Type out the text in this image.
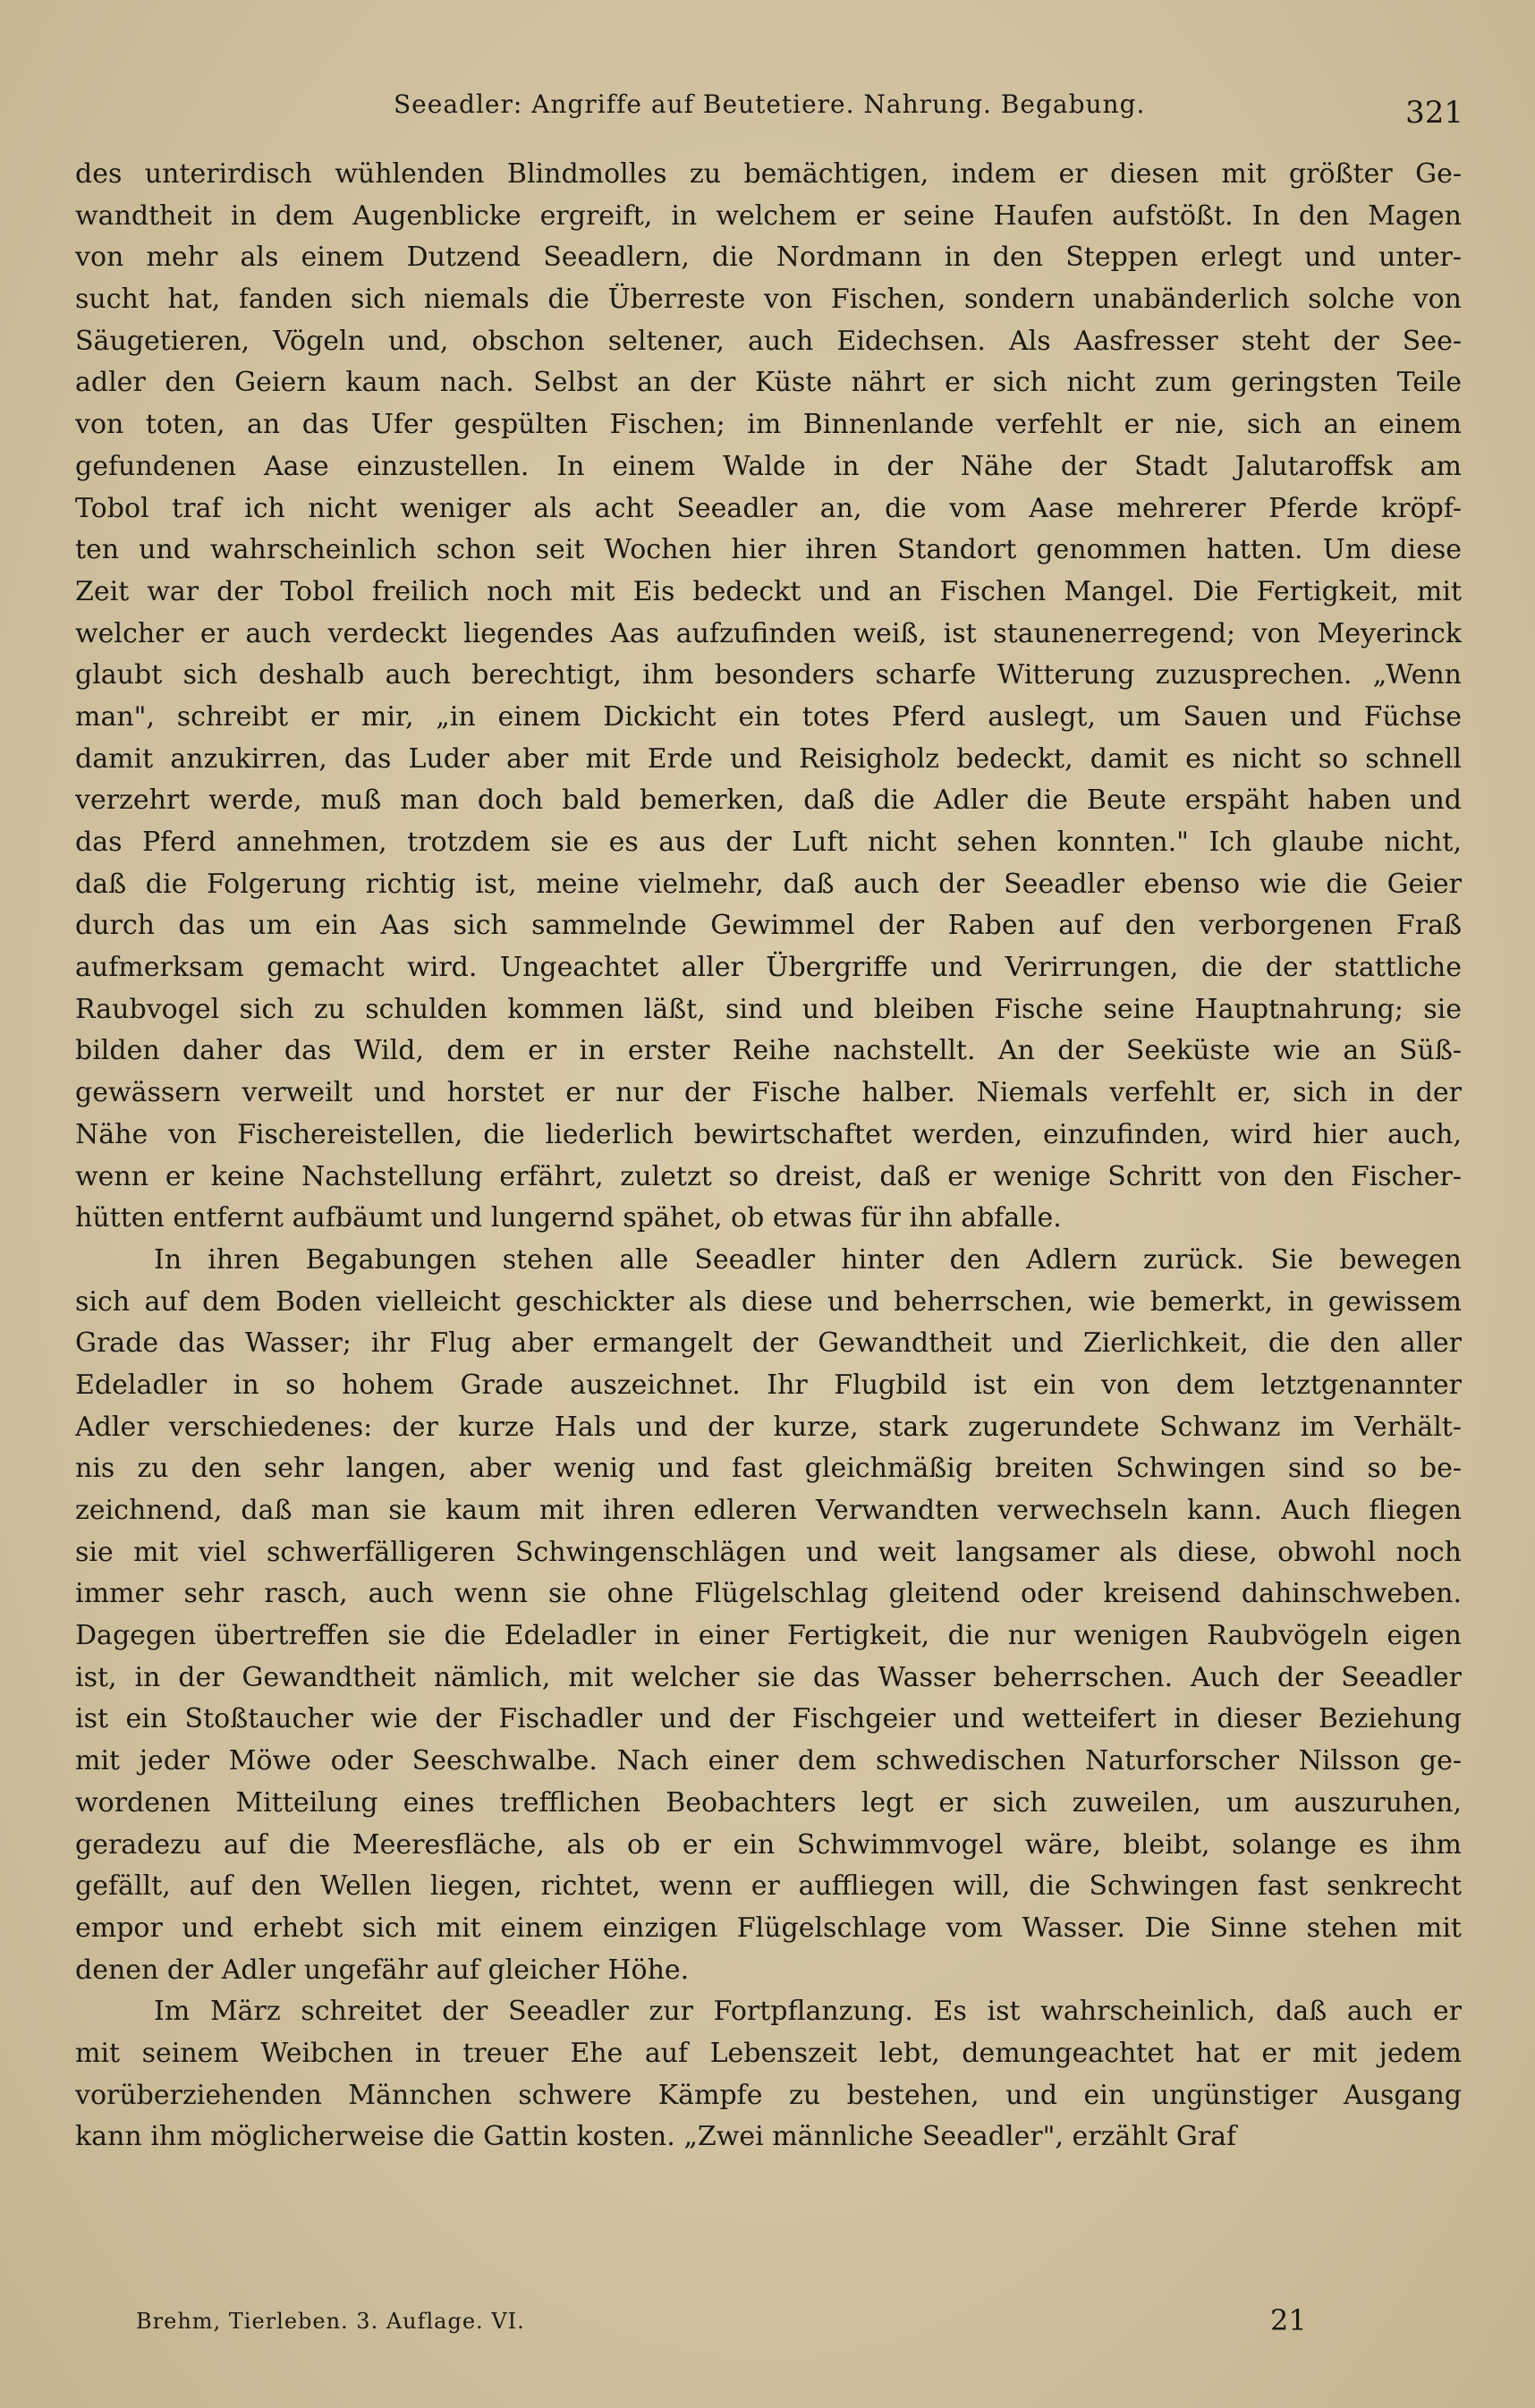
Seeadler: Angriffe auf Beutetiere. Nahrung. Begabung.	321
des unterirdisch wühlenden Blindmolles zu bemächtigen, indem er diesen mit größter Ge-
wandtheit in dem Augenblicke ergreift, in welchem er seine Haufen aufstößt. In den Magen
von mehr als einem Dutzend Seeadlern, die Nordmann in den Steppen erlegt und unter-
sucht hat, fanden sich niemals die Überreste von Fischen, sondern unabänderlich solche von
Säugetieren, Vögeln und, obschon seltener, auch Eidechsen. Als Aasfresser steht der See-
adler den Geiern kaum nach. Selbst an der Küste nährt er sich nicht zum geringsten Teile
von toten, an das Ufer gespülten Fischen; im Binnenlande verfehlt er nie, sich an einem
gefundenen Aase einzustellen. In einem Walde in der Nähe der Stadt Jalutaroffsk am
Tobol traf ich nicht weniger als acht Seeadler an, die vom Aase mehrerer Pferde kröpf-
ten und wahrscheinlich schon seit Wochen hier ihren Standort genommen hatten. Um diese
Zeit war der Tobol freilich noch mit Eis bedeckt und an Fischen Mangel. Die Fertigkeit, mit
welcher er auch verdeckt liegendes Aas aufzufinden weiß, ist staunenerregend; von Meyerinck
glaubt sich deshalb auch berechtigt, ihm besonders scharfe Witterung zuzusprechen. „Wenn
man", schreibt er mir, „in einem Dickicht ein totes Pferd auslegt, um Sauen und Füchse
damit anzukirren, das Luder aber mit Erde und Reisigholz bedeckt, damit es nicht so schnell
verzehrt werde, muß man doch bald bemerken, daß die Adler die Beute erspäht haben und
das Pferd annehmen, trotzdem sie es aus der Luft nicht sehen konnten." Ich glaube nicht,
daß die Folgerung richtig ist, meine vielmehr, daß auch der Seeadler ebenso wie die Geier
durch das um ein Aas sich sammelnde Gewimmel der Raben auf den verborgenen Fraß
aufmerksam gemacht wird. Ungeachtet aller Übergriffe und Verirrungen, die der stattliche
Raubvogel sich zu schulden kommen läßt, sind und bleiben Fische seine Hauptnahrung; sie
bilden daher das Wild, dem er in erster Reihe nachstellt. An der Seeküste wie an Süß-
gewässern verweilt und horstet er nur der Fische halber. Niemals verfehlt er, sich in der
Nähe von Fischereistellen, die liederlich bewirtschaftet werden, einzufinden, wird hier auch,
wenn er keine Nachstellung erfährt, zuletzt so dreist, daß er wenige Schritt von den Fischer-
hütten entfernt aufbäumt und lungernd spähet, ob etwas für ihn abfalle.
In ihren Begabungen stehen alle Seeadler hinter den Adlern zurück. Sie bewegen
sich auf dem Boden vielleicht geschickter als diese und beherrschen, wie bemerkt, in gewissem
Grade das Wasser; ihr Flug aber ermangelt der Gewandtheit und Zierlichkeit, die den aller
Edeladler in so hohem Grade auszeichnet. Ihr Flugbild ist ein von dem letztgenannter
Adler verschiedenes: der kurze Hals und der kurze, stark zugerundete Schwanz im Verhält-
nis zu den sehr langen, aber wenig und fast gleichmäßig breiten Schwingen sind so be-
zeichnend, daß man sie kaum mit ihren edleren Verwandten verwechseln kann. Auch fliegen
sie mit viel schwerfälligeren Schwingenschlägen und weit langsamer als diese, obwohl noch
immer sehr rasch, auch wenn sie ohne Flügelschlag gleitend oder kreisend dahinschweben.
Dagegen übertreffen sie die Edeladler in einer Fertigkeit, die nur wenigen Raubvögeln eigen
ist, in der Gewandtheit nämlich, mit welcher sie das Wasser beherrschen. Auch der Seeadler
ist ein Stoßtaucher wie der Fischadler und der Fischgeier und wetteifert in dieser Beziehung
mit jeder Möwe oder Seeschwalbe. Nach einer dem schwedischen Naturforscher Nilsson ge-
wordenen Mitteilung eines trefflichen Beobachters legt er sich zuweilen, um auszuruhen,
geradezu auf die Meeresfläche, als ob er ein Schwimmvogel wäre, bleibt, solange es ihm
gefällt, auf den Wellen liegen, richtet, wenn er auffliegen will, die Schwingen fast senkrecht
empor und erhebt sich mit einem einzigen Flügelschlage vom Wasser. Die Sinne stehen mit
denen der Adler ungefähr auf gleicher Höhe.
Im März schreitet der Seeadler zur Fortpflanzung. Es ist wahrscheinlich, daß auch er
mit seinem Weibchen in treuer Ehe auf Lebenszeit lebt, demungeachtet hat er mit jedem
vorüberziehenden Männchen schwere Kämpfe zu bestehen, und ein ungünstiger Ausgang
kann ihm möglicherweise die Gattin kosten. „Zwei männliche Seeadler", erzählt Graf
Brehm, Tierleben. 3. Auflage. VI.	21
